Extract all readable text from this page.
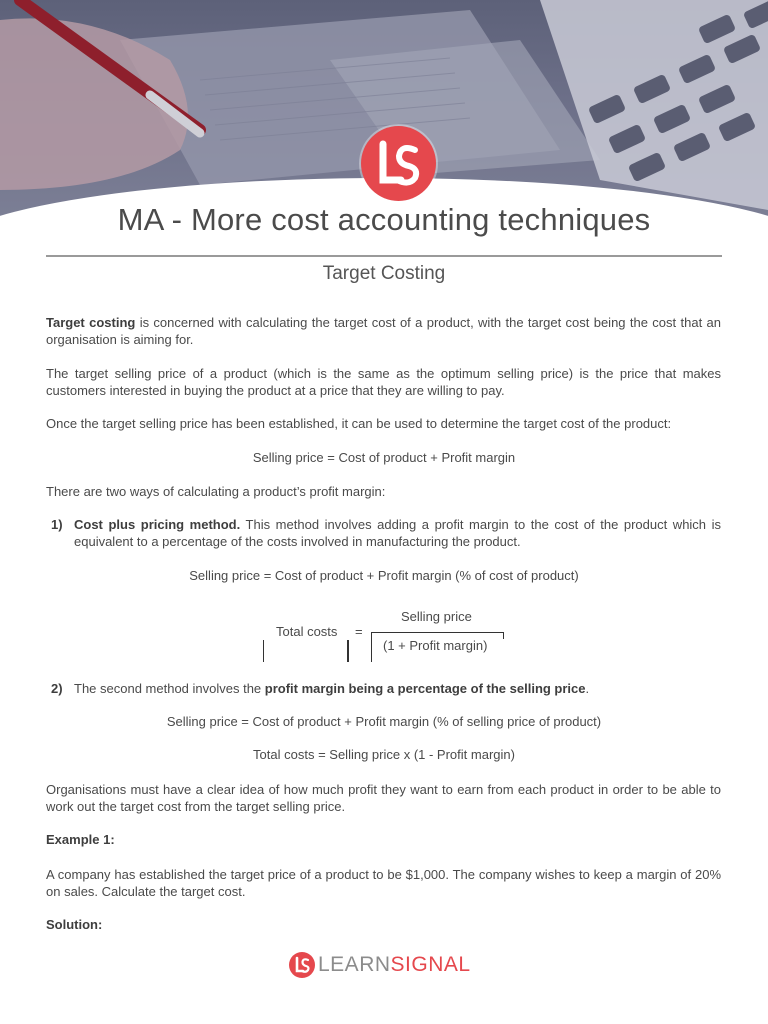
MA - More cost accounting techniques
Target Costing

Target costing is concerned with calculating the target cost of a product, with the target cost being the cost that an organisation is aiming for.

The target selling price of a product (which is the same as the optimum selling price) is the price that makes customers interested in buying the product at a price that they are willing to pay.

Once the target selling price has been established, it can be used to determine the target cost of the product:

Selling price = Cost of product + Profit margin

There are two ways of calculating a product’s profit margin:

1) Cost plus pricing method. This method involves adding a profit margin to the cost of the product which is equivalent to a percentage of the costs involved in manufacturing the product.
Selling price = Cost of product + Profit margin (% of cost of product)
Selling price
Total costs =
(1 + Profit margin)
2) The second method involves the profit margin being a percentage of the selling price.
Selling price = Cost of product + Profit margin (% of selling price of product)
Total costs = Selling price x (1 - Profit margin)

Organisations must have a clear idea of how much profit they want to earn from each product in order to be able to work out the target cost from the target selling price.

Example 1:

A company has established the target price of a product to be $1,000. The company wishes to keep a margin of 20% on sales. Calculate the target cost.

Solution:

LEARNSIGNAL
